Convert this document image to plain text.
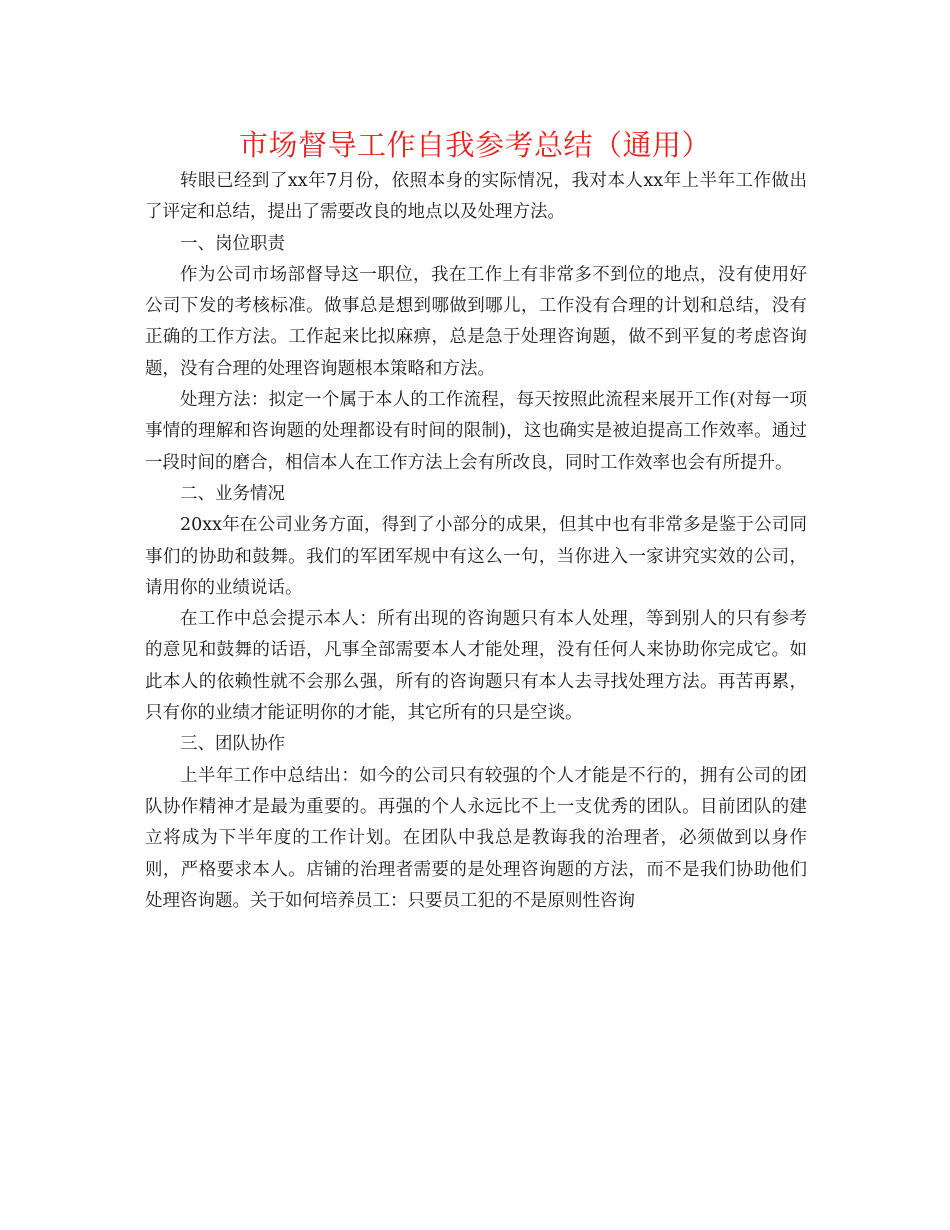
市场督导工作自我参考总结（通用）

转眼已经到了xx年7月份，依照本身的实际情况，我对本人xx年上半年工作做出了评定和总结，提出了需要改良的地点以及处理方法。

一、岗位职责

作为公司市场部督导这一职位，我在工作上有非常多不到位的地点，没有使用好公司下发的考核标准。做事总是想到哪做到哪儿，工作没有合理的计划和总结，没有正确的工作方法。工作起来比拟麻痹，总是急于处理咨询题，做不到平复的考虑咨询题，没有合理的处理咨询题根本策略和方法。

处理方法：拟定一个属于本人的工作流程，每天按照此流程来展开工作(对每一项事情的理解和咨询题的处理都设有时间的限制)，这也确实是被迫提高工作效率。通过一段时间的磨合，相信本人在工作方法上会有所改良，同时工作效率也会有所提升。

二、业务情况

20xx年在公司业务方面，得到了小部分的成果，但其中也有非常多是鉴于公司同事们的协助和鼓舞。我们的军团军规中有这么一句，当你进入一家讲究实效的公司，请用你的业绩说话。

在工作中总会提示本人：所有出现的咨询题只有本人处理，等到别人的只有参考的意见和鼓舞的话语，凡事全部需要本人才能处理，没有任何人来协助你完成它。如此本人的依赖性就不会那么强，所有的咨询题只有本人去寻找处理方法。再苦再累，只有你的业绩才能证明你的才能，其它所有的只是空谈。

三、团队协作

上半年工作中总结出：如今的公司只有较强的个人才能是不行的，拥有公司的团队协作精神才是最为重要的。再强的个人永远比不上一支优秀的团队。目前团队的建立将成为下半年度的工作计划。在团队中我总是教诲我的治理者，必须做到以身作则，严格要求本人。店铺的治理者需要的是处理咨询题的方法，而不是我们协助他们处理咨询题。关于如何培养员工：只要员工犯的不是原则性咨询
